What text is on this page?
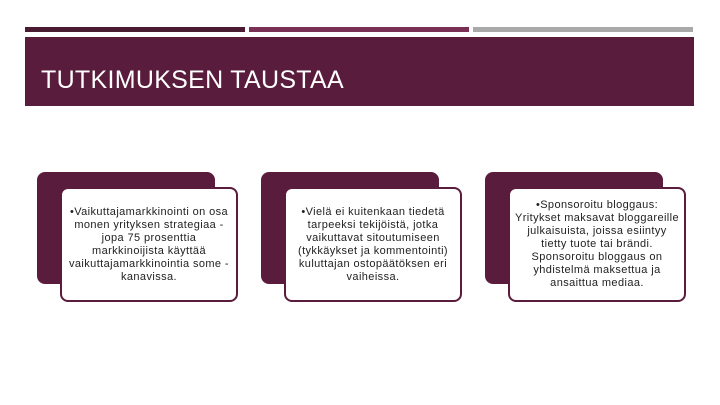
TUTKIMUKSEN TAUSTAA
•Vaikuttajamarkkinointi on osa monen yrityksen strategiaa - jopa 75 prosenttia markkinoijista käyttää vaikuttajamarkkinointia some -kanavissa.
•Vielä ei kuitenkaan tiedetä tarpeeksi tekijöistä, jotka vaikuttavat sitoutumiseen (tykkäykset ja kommentointi) kuluttajan ostopäätöksen eri vaiheissa.
•Sponsoroitu bloggaus: Yritykset maksavat bloggareille julkaisuista, joissa esiintyy tietty tuote tai brändi. Sponsoroitu bloggaus on yhdistelmä maksettua ja ansaittua mediaa.
